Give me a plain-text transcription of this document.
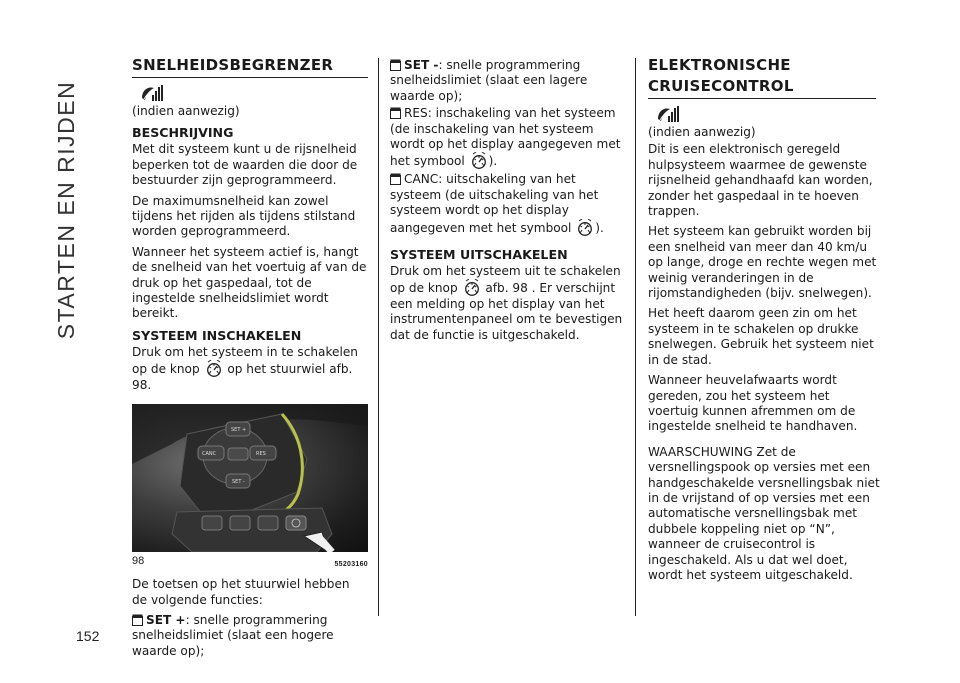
STARTEN EN RIJDEN
152
SNELHEIDSBEGRENZER

(indien aanwezig)

BESCHRIJVING

Met dit systeem kunt u de rijsnelheid beperken tot de waarden die door de bestuurder zijn geprogrammeerd.

De maximumsnelheid kan zowel tijdens het rijden als tijdens stilstand worden geprogrammeerd.

Wanneer het systeem actief is, hangt de snelheid van het voertuig af van de druk op het gaspedaal, tot de ingestelde snelheidslimiet wordt bereikt.

SYSTEEM INSCHAKELEN

Druk om het systeem in te schakelen op de knop op het stuurwiel afb. 98.

SET +
CANC	RES
SET -
98	55203160

De toetsen op het stuurwiel hebben de volgende functies:

SET +: snelle programmering snelheidslimiet (slaat een hogere waarde op);

SET -: snelle programmering snelheidslimiet (slaat een lagere waarde op);

RES: inschakeling van het systeem (de inschakeling van het systeem wordt op het display aangegeven met het symbool ).

CANC: uitschakeling van het systeem (de uitschakeling van het systeem wordt op het display aangegeven met het symbool ).

SYSTEEM UITSCHAKELEN

Druk om het systeem uit te schakelen op de knop afb. 98 . Er verschijnt een melding op het display van het instrumentenpaneel om te bevestigen dat de functie is uitgeschakeld.

ELEKTRONISCHE
CRUISECONTROL

(indien aanwezig)

Dit is een elektronisch geregeld hulpsysteem waarmee de gewenste rijsnelheid gehandhaafd kan worden, zonder het gaspedaal in te hoeven trappen.

Het systeem kan gebruikt worden bij een snelheid van meer dan 40 km/u op lange, droge en rechte wegen met weinig veranderingen in de rijomstandigheden (bijv. snelwegen).

Het heeft daarom geen zin om het systeem in te schakelen op drukke snelwegen. Gebruik het systeem niet in de stad.

Wanneer heuvelafwaarts wordt gereden, zou het systeem het voertuig kunnen afremmen om de ingestelde snelheid te handhaven.

WAARSCHUWING Zet de versnellingspook op versies met een handgeschakelde versnellingsbak niet in de vrijstand of op versies met een automatische versnellingsbak met dubbele koppeling niet op “N”, wanneer de cruisecontrol is ingeschakeld. Als u dat wel doet, wordt het systeem uitgeschakeld.
